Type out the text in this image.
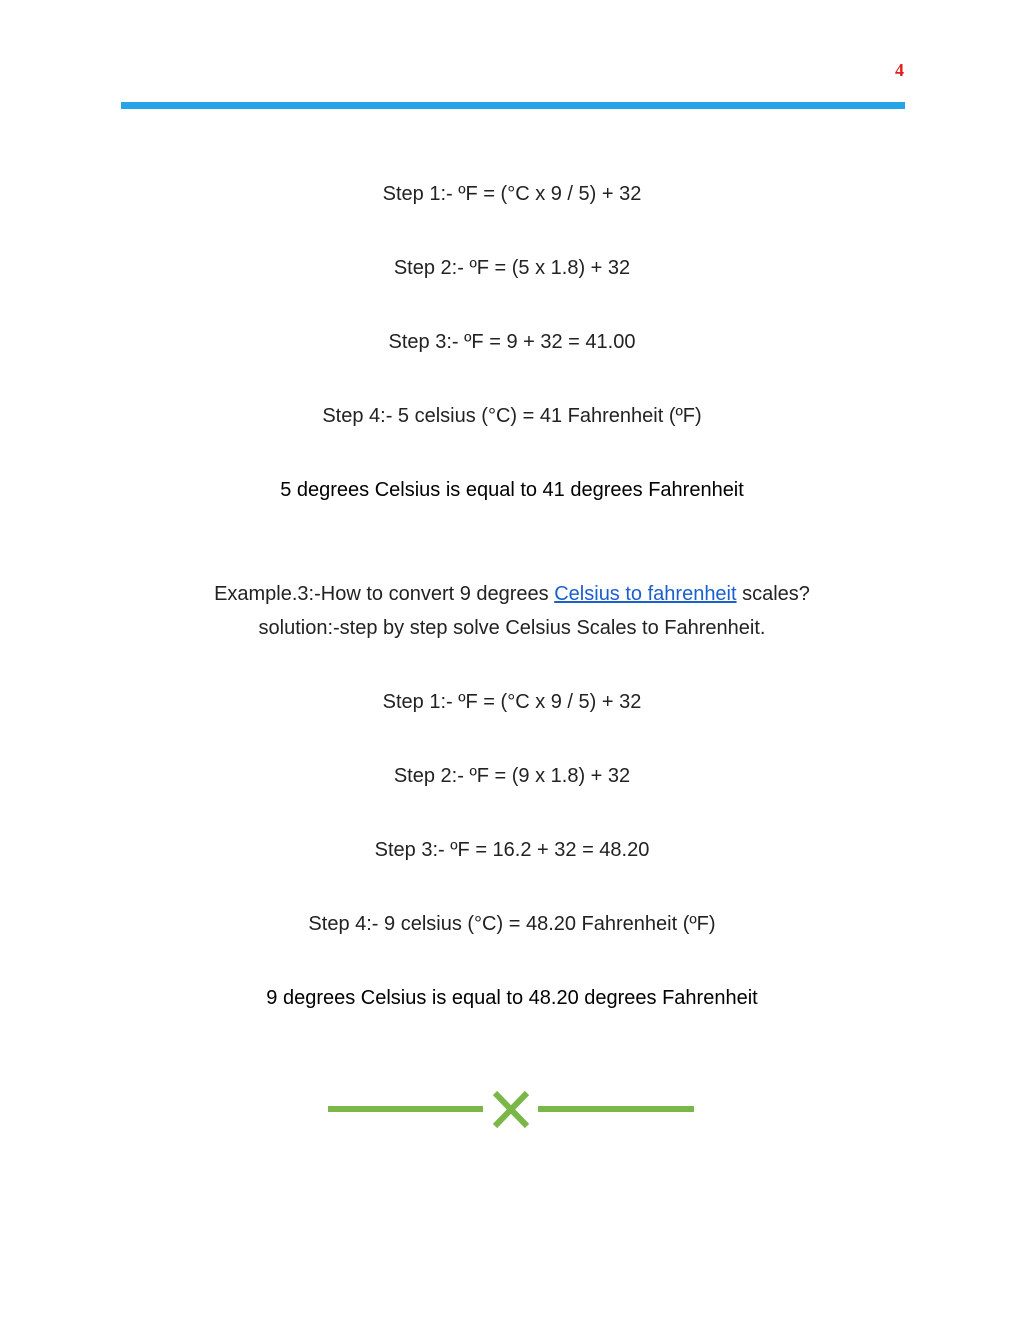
4
Step 1:- ºF = (°C x 9 / 5) + 32
Step 2:- ºF = (5 x 1.8) + 32
Step 3:- ºF = 9 + 32 = 41.00
Step 4:- 5 celsius (°C) = 41 Fahrenheit (ºF)
5 degrees Celsius is equal to 41 degrees Fahrenheit
Example.3:-How to convert 9 degrees Celsius to fahrenheit scales?
solution:-step by step solve Celsius Scales to Fahrenheit.
Step 1:- ºF = (°C x 9 / 5) + 32
Step 2:- ºF = (9 x 1.8) + 32
Step 3:- ºF = 16.2 + 32 = 48.20
Step 4:- 9 celsius (°C) = 48.20 Fahrenheit (ºF)
9 degrees Celsius is equal to 48.20 degrees Fahrenheit
